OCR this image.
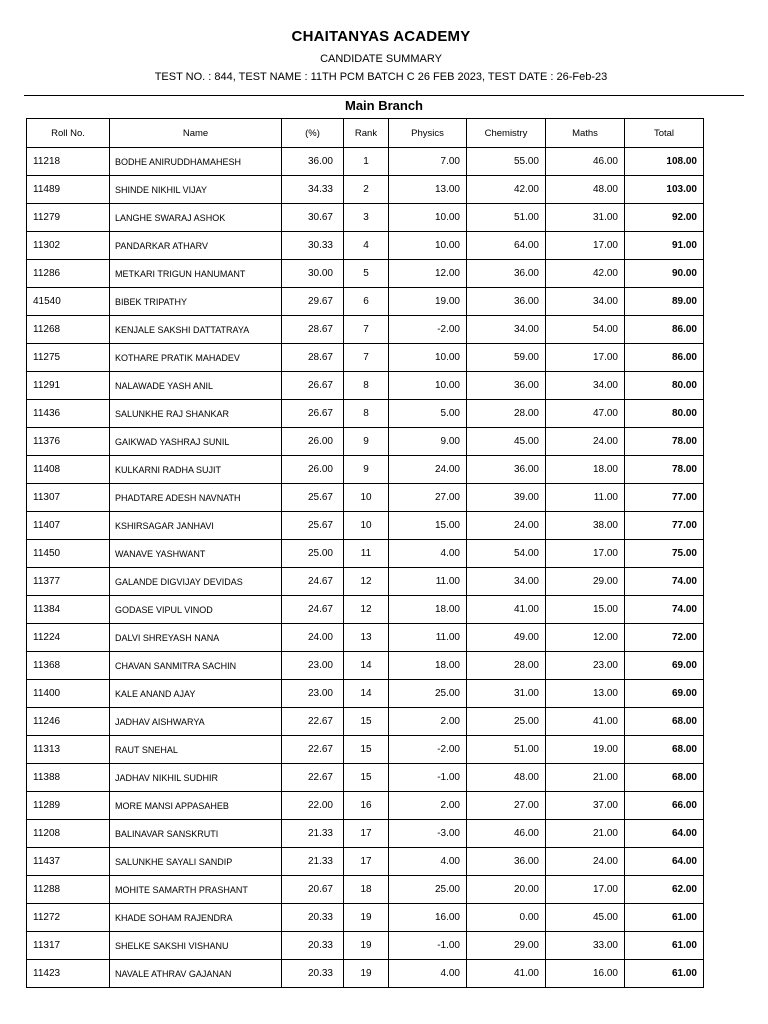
CHAITANYAS ACADEMY
CANDIDATE SUMMARY
TEST NO. : 844, TEST NAME : 11TH PCM BATCH C 26 FEB 2023, TEST DATE : 26-Feb-23
Main Branch
Roll No.	Name	(%)	Rank	Physics	Chemistry	Maths	Total
11218	BODHE ANIRUDDHAMAHESH	36.00	1	7.00	55.00	46.00	108.00
11489	SHINDE NIKHIL VIJAY	34.33	2	13.00	42.00	48.00	103.00
11279	LANGHE SWARAJ ASHOK	30.67	3	10.00	51.00	31.00	92.00
11302	PANDARKAR ATHARV	30.33	4	10.00	64.00	17.00	91.00
11286	METKARI TRIGUN HANUMANT	30.00	5	12.00	36.00	42.00	90.00
41540	BIBEK TRIPATHY	29.67	6	19.00	36.00	34.00	89.00
11268	KENJALE SAKSHI DATTATRAYA	28.67	7	-2.00	34.00	54.00	86.00
11275	KOTHARE PRATIK MAHADEV	28.67	7	10.00	59.00	17.00	86.00
11291	NALAWADE YASH ANIL	26.67	8	10.00	36.00	34.00	80.00
11436	SALUNKHE RAJ SHANKAR	26.67	8	5.00	28.00	47.00	80.00
11376	GAIKWAD YASHRAJ SUNIL	26.00	9	9.00	45.00	24.00	78.00
11408	KULKARNI RADHA SUJIT	26.00	9	24.00	36.00	18.00	78.00
11307	PHADTARE ADESH NAVNATH	25.67	10	27.00	39.00	11.00	77.00
11407	KSHIRSAGAR JANHAVI	25.67	10	15.00	24.00	38.00	77.00
11450	WANAVE YASHWANT	25.00	11	4.00	54.00	17.00	75.00
11377	GALANDE DIGVIJAY DEVIDAS	24.67	12	11.00	34.00	29.00	74.00
11384	GODASE VIPUL VINOD	24.67	12	18.00	41.00	15.00	74.00
11224	DALVI SHREYASH NANA	24.00	13	11.00	49.00	12.00	72.00
11368	CHAVAN SANMITRA SACHIN	23.00	14	18.00	28.00	23.00	69.00
11400	KALE ANAND AJAY	23.00	14	25.00	31.00	13.00	69.00
11246	JADHAV AISHWARYA	22.67	15	2.00	25.00	41.00	68.00
11313	RAUT SNEHAL	22.67	15	-2.00	51.00	19.00	68.00
11388	JADHAV NIKHIL SUDHIR	22.67	15	-1.00	48.00	21.00	68.00
11289	MORE MANSI APPASAHEB	22.00	16	2.00	27.00	37.00	66.00
11208	BALINAVAR SANSKRUTI	21.33	17	-3.00	46.00	21.00	64.00
11437	SALUNKHE SAYALI SANDIP	21.33	17	4.00	36.00	24.00	64.00
11288	MOHITE SAMARTH PRASHANT	20.67	18	25.00	20.00	17.00	62.00
11272	KHADE SOHAM RAJENDRA	20.33	19	16.00	0.00	45.00	61.00
11317	SHELKE SAKSHI VISHANU	20.33	19	-1.00	29.00	33.00	61.00
11423	NAVALE ATHRAV GAJANAN	20.33	19	4.00	41.00	16.00	61.00
